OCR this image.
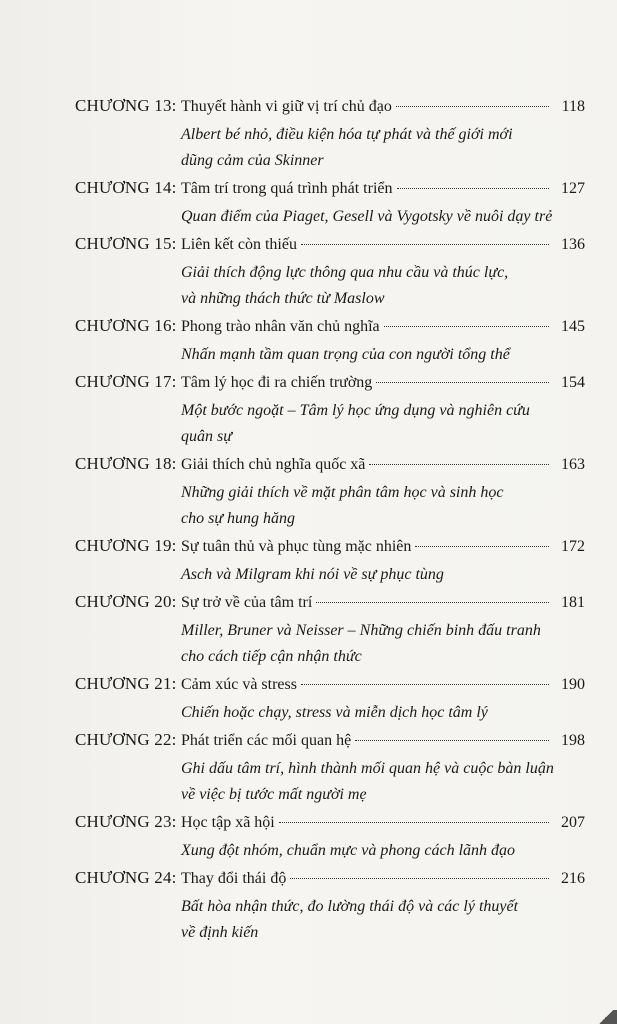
CHƯƠNG 13: Thuyết hành vi giữ vị trí chủ đạo	118
Albert bé nhỏ, điều kiện hóa tự phát và thế giới mới
dũng cảm của Skinner
CHƯƠNG 14: Tâm trí trong quá trình phát triển	127
Quan điểm của Piaget, Gesell và Vygotsky về nuôi dạy trẻ
CHƯƠNG 15: Liên kết còn thiếu	136
Giải thích động lực thông qua nhu cầu và thúc lực,
và những thách thức từ Maslow
CHƯƠNG 16: Phong trào nhân văn chủ nghĩa	145
Nhấn mạnh tầm quan trọng của con người tổng thể
CHƯƠNG 17: Tâm lý học đi ra chiến trường	154
Một bước ngoặt – Tâm lý học ứng dụng và nghiên cứu
quân sự
CHƯƠNG 18: Giải thích chủ nghĩa quốc xã	163
Những giải thích về mặt phân tâm học và sinh học
cho sự hung hăng
CHƯƠNG 19: Sự tuân thủ và phục tùng mặc nhiên	172
Asch và Milgram khi nói về sự phục tùng
CHƯƠNG 20: Sự trở về của tâm trí	181
Miller, Bruner và Neisser – Những chiến binh đấu tranh
cho cách tiếp cận nhận thức
CHƯƠNG 21: Cảm xúc và stress	190
Chiến hoặc chạy, stress và miễn dịch học tâm lý
CHƯƠNG 22: Phát triển các mối quan hệ	198
Ghi dấu tâm trí, hình thành mối quan hệ và cuộc bàn luận
về việc bị tước mất người mẹ
CHƯƠNG 23: Học tập xã hội	207
Xung đột nhóm, chuẩn mực và phong cách lãnh đạo
CHƯƠNG 24: Thay đổi thái độ	216
Bất hòa nhận thức, đo lường thái độ và các lý thuyết
về định kiến
